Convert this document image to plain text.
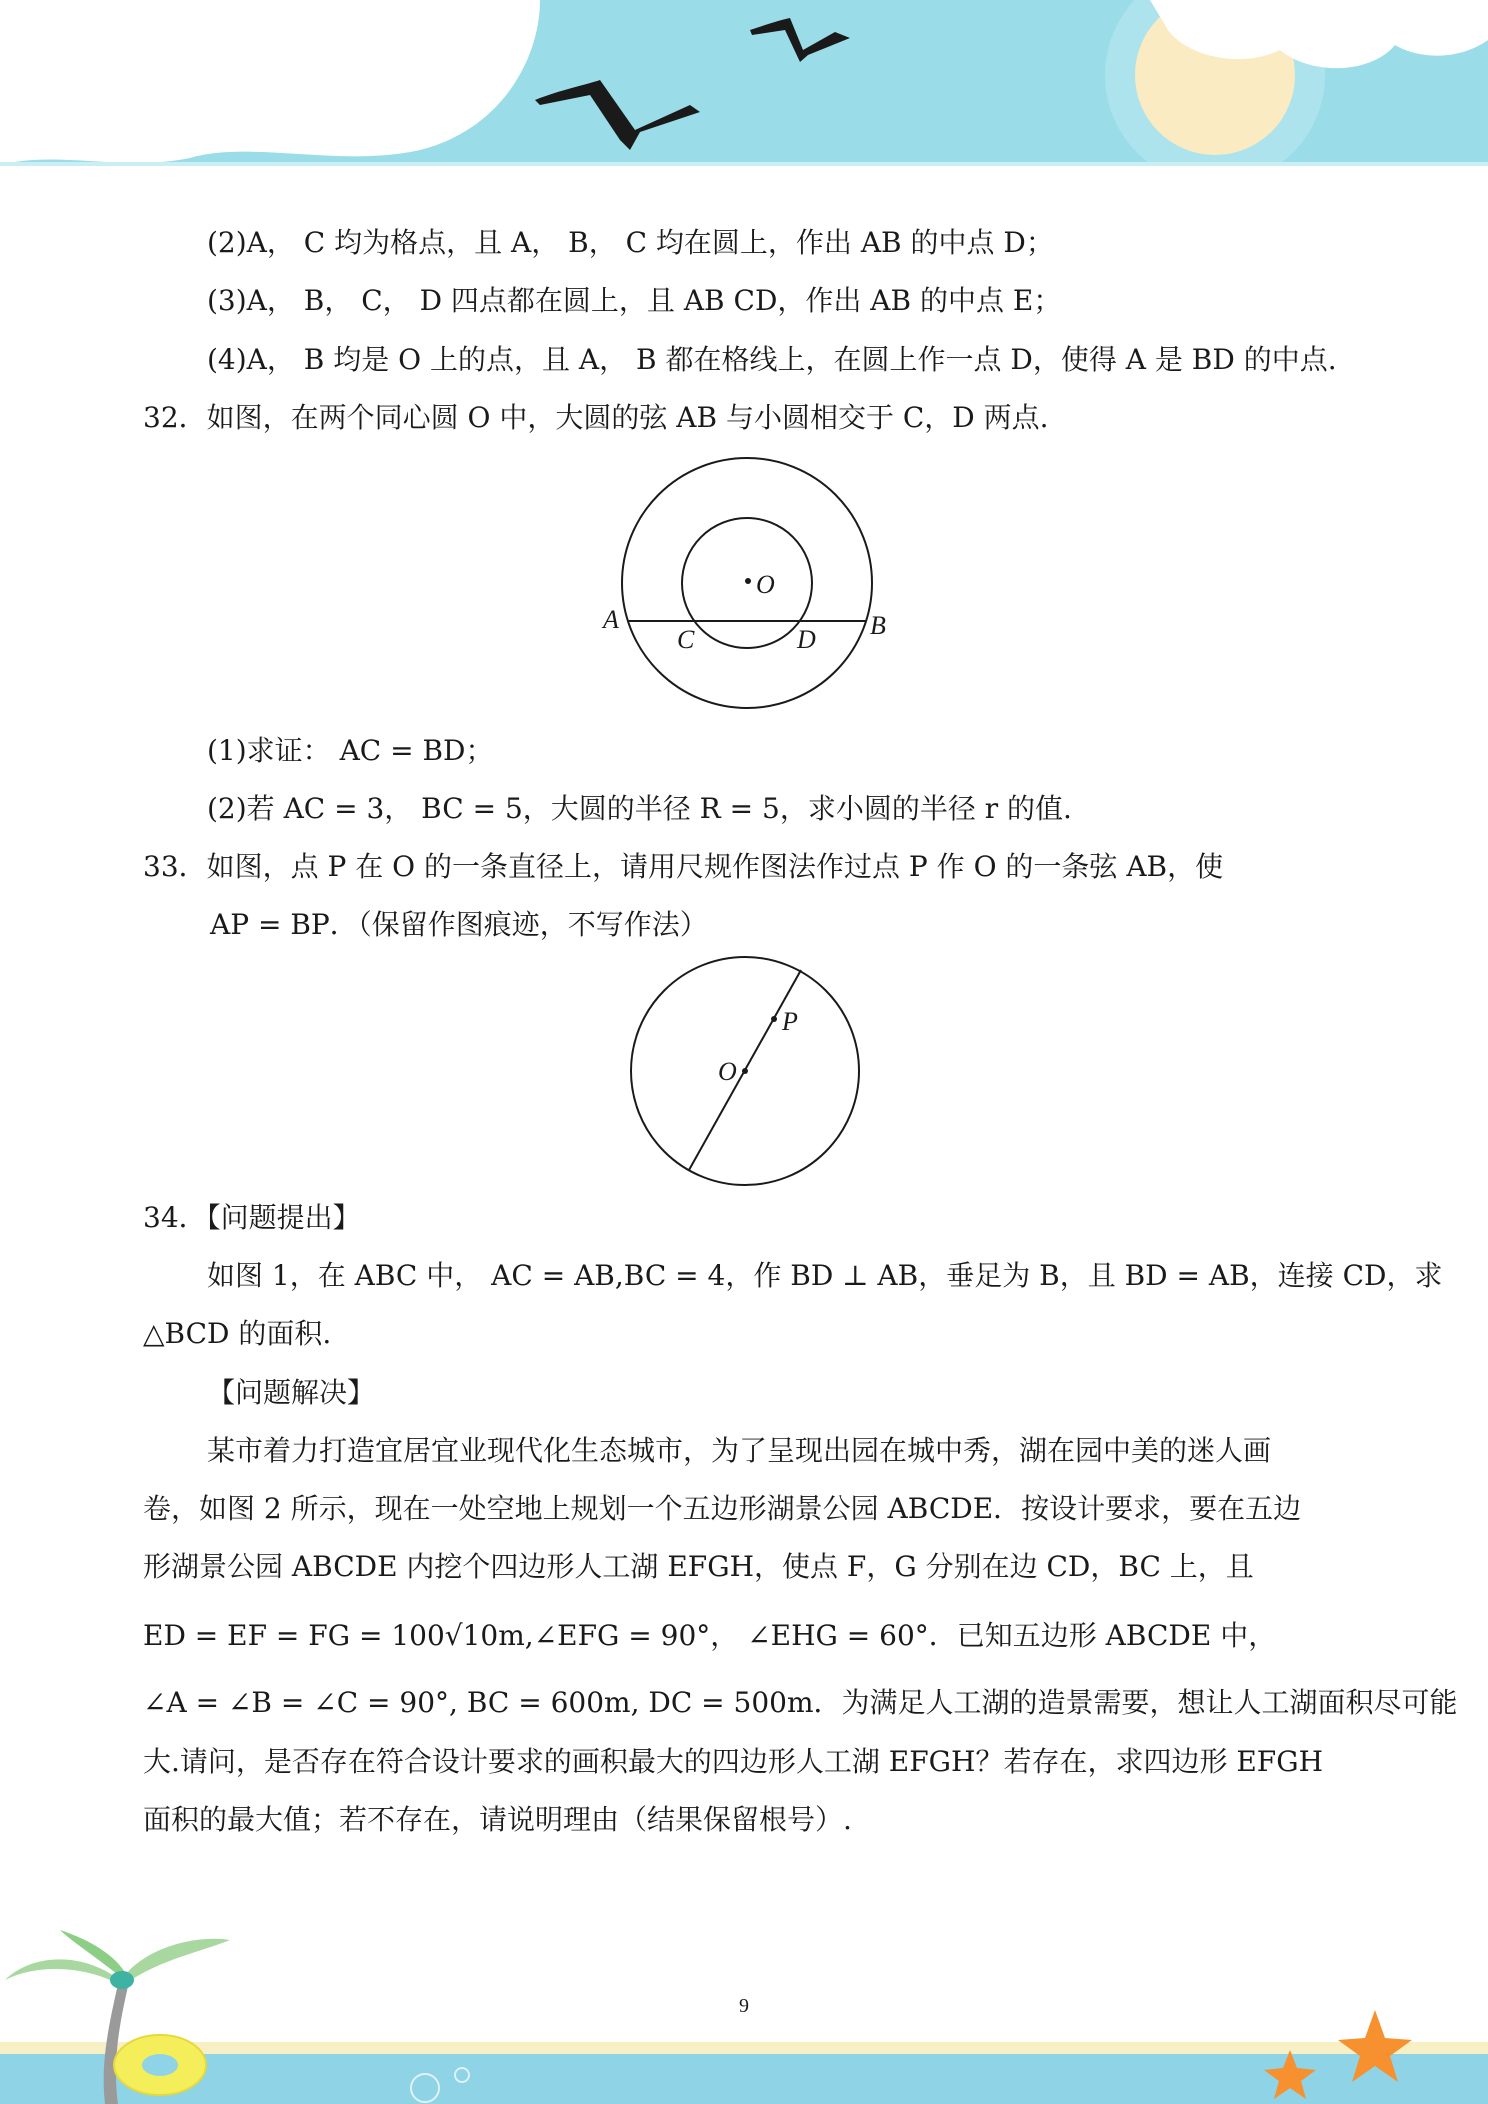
(2)A， C 均为格点，且 A， B， C 均在圆上，作出 AB 的中点 D；
(3)A， B， C， D 四点都在圆上，且 AB CD，作出 AB 的中点 E；
(4)A， B 均是 O 上的点，且 A， B 都在格线上，在圆上作一点 D，使得 A 是 BD 的中点.
32．如图，在两个同心圆 O 中，大圆的弦 AB 与小圆相交于 C，D 两点.
O
A	B
C	D
(1)求证： AC = BD；
(2)若 AC = 3， BC = 5，大圆的半径 R = 5，求小圆的半径 r 的值.
33．如图，点 P 在 O 的一条直径上，请用尺规作图法作过点 P 作 O 的一条弦 AB，使
AP = BP．（保留作图痕迹，不写作法）
O
P
34．【问题提出】
如图 1，在 ABC 中， AC = AB,BC = 4，作 BD ⊥ AB，垂足为 B，且 BD = AB，连接 CD，求
△BCD 的面积.
【问题解决】
某市着力打造宜居宜业现代化生态城市，为了呈现出园在城中秀，湖在园中美的迷人画
卷，如图 2 所示，现在一处空地上规划一个五边形湖景公园 ABCDE．按设计要求，要在五边
形湖景公园 ABCDE 内挖个四边形人工湖 EFGH，使点 F，G 分别在边 CD，BC 上，且
ED = EF = FG = 100√10m,∠EFG = 90°， ∠EHG = 60°．已知五边形 ABCDE 中，
∠A = ∠B = ∠C = 90°, BC = 600m, DC = 500m．为满足人工湖的造景需要，想让人工湖面积尽可能
大.请问，是否存在符合设计要求的画积最大的四边形人工湖 EFGH？若存在，求四边形 EFGH
面积的最大值；若不存在，请说明理由（结果保留根号）.
9
